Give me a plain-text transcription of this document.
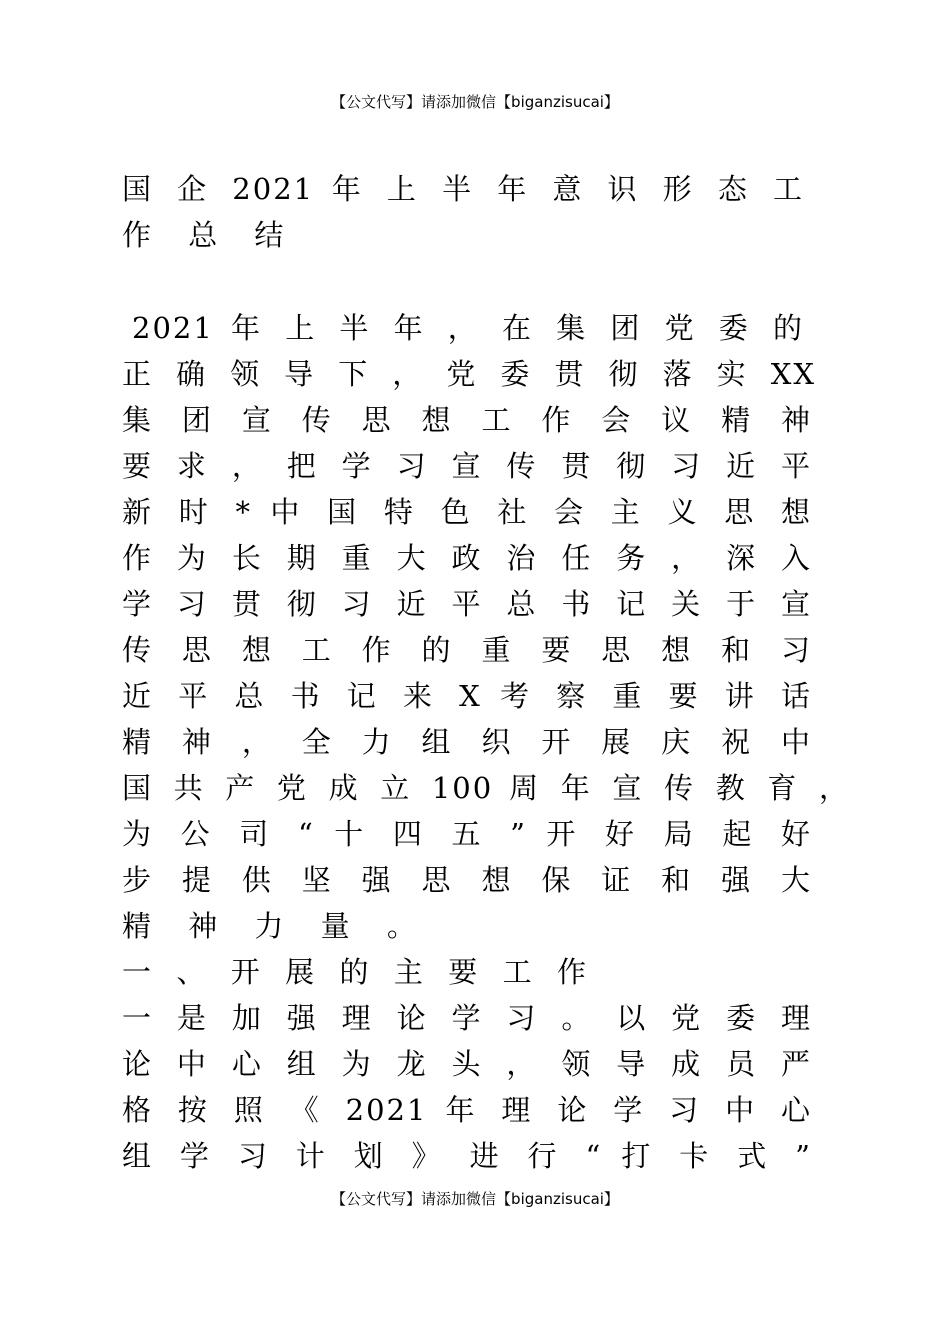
【公文代写】请添加微信【biganzisucai】
国 企 2021 年 上 半 年 意 识 形 态 工
作 总 结
2021 年 上 半 年 ， 在 集 团 党 委 的
正 确 领 导 下 ， 党 委 贯 彻 落 实 XX
集 团 宣 传 思 想 工 作 会 议 精 神
要 求 ， 把 学 习 宣 传 贯 彻 习 近 平
新 时 * 中 国 特 色 社 会 主 义 思 想
作 为 长 期 重 大 政 治 任 务 ， 深 入
学 习 贯 彻 习 近 平 总 书 记 关 于 宣
传 思 想 工 作 的 重 要 思 想 和 习
近 平 总 书 记 来 X 考 察 重 要 讲 话
精 神 ， 全 力 组 织 开 展 庆 祝 中
国 共 产 党 成 立 100 周 年 宣 传 教 育 ，
为 公 司 “ 十 四 五 ” 开 好 局 起 好
步 提 供 坚 强 思 想 保 证 和 强 大
精 神 力 量 。
一 、 开 展 的 主 要 工 作
一 是 加 强 理 论 学 习 。 以 党 委 理
论 中 心 组 为 龙 头 ， 领 导 成 员 严
格 按 照 《 2021 年 理 论 学 习 中 心
组 学 习 计 划 》 进 行 “ 打 卡 式 ”
【公文代写】请添加微信【biganzisucai】
